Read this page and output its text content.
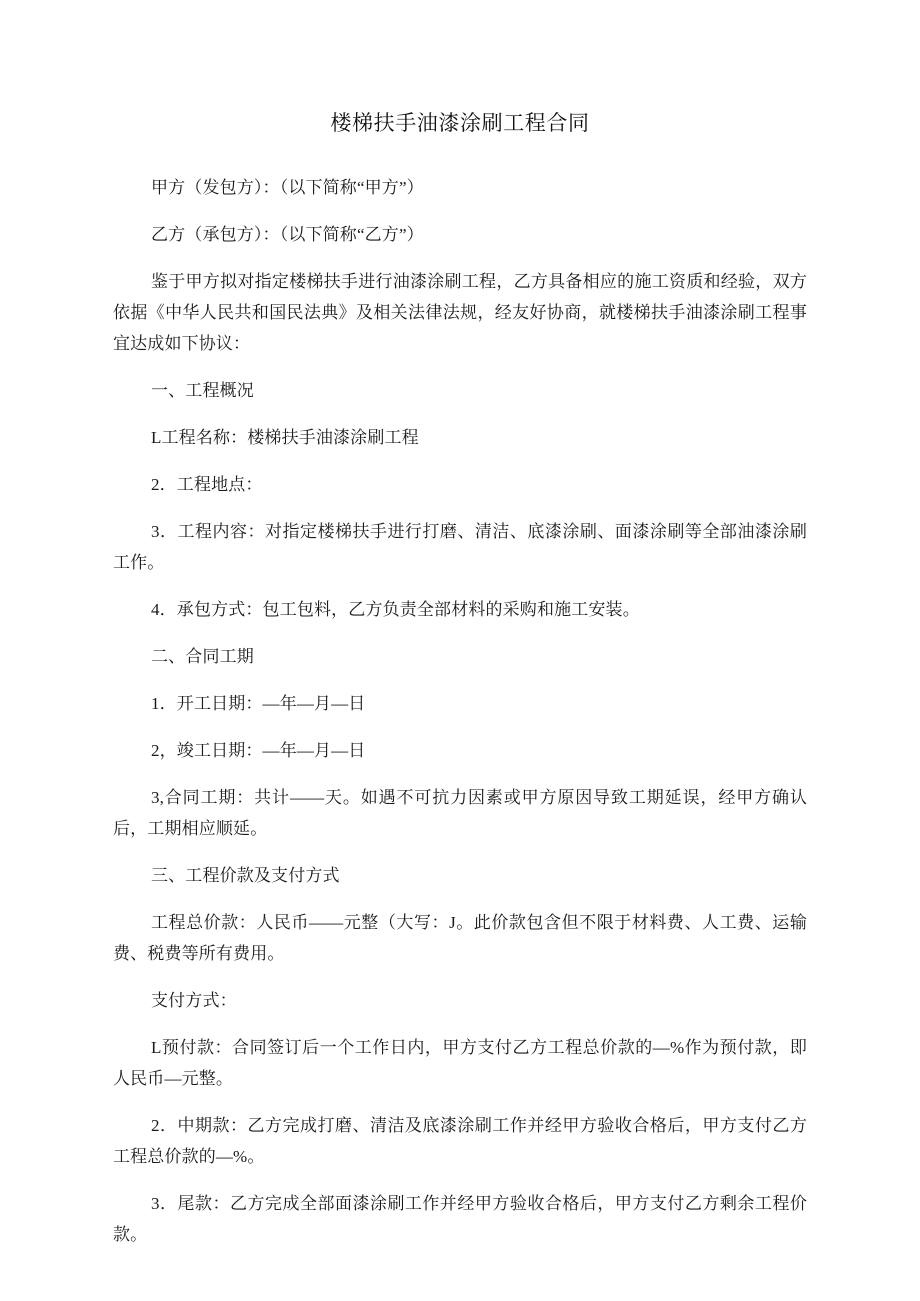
楼梯扶手油漆涂刷工程合同

甲方（发包方）：（以下简称“甲方”）

乙方（承包方）：（以下简称“乙方”）

鉴于甲方拟对指定楼梯扶手进行油漆涂刷工程，乙方具备相应的施工资质和经验，双方依据《中华人民共和国民法典》及相关法律法规，经友好协商，就楼梯扶手油漆涂刷工程事宜达成如下协议：

一、工程概况

L工程名称：楼梯扶手油漆涂刷工程

2．工程地点：

3．工程内容：对指定楼梯扶手进行打磨、清洁、底漆涂刷、面漆涂刷等全部油漆涂刷工作。

4．承包方式：包工包料，乙方负责全部材料的采购和施工安装。

二、合同工期

1．开工日期：—年—月—日

2，竣工日期：—年—月—日

3,合同工期：共计——天。如遇不可抗力因素或甲方原因导致工期延误，经甲方确认后，工期相应顺延。

三、工程价款及支付方式

工程总价款：人民币——元整（大写：J。此价款包含但不限于材料费、人工费、运输费、税费等所有费用。

支付方式：

L预付款：合同签订后一个工作日内，甲方支付乙方工程总价款的—%作为预付款，即人民币—元整。

2．中期款：乙方完成打磨、清洁及底漆涂刷工作并经甲方验收合格后，甲方支付乙方工程总价款的—%。

3．尾款：乙方完成全部面漆涂刷工作并经甲方验收合格后，甲方支付乙方剩余工程价款。
